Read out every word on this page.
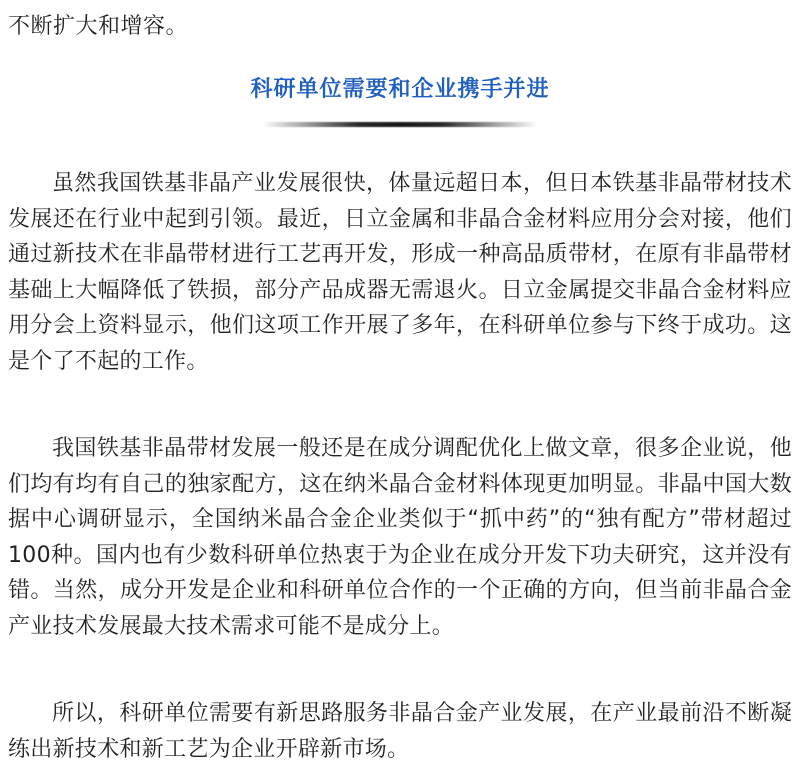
不断扩大和增容。
科研单位需要和企业携手并进

虽然我国铁基非晶产业发展很快，体量远超日本，但日本铁基非晶带材技术发展还在行业中起到引领。最近，日立金属和非晶合金材料应用分会对接，他们通过新技术在非晶带材进行工艺再开发，形成一种高品质带材，在原有非晶带材基础上大幅降低了铁损，部分产品成器无需退火。日立金属提交非晶合金材料应用分会上资料显示，他们这项工作开展了多年，在科研单位参与下终于成功。这是个了不起的工作。

我国铁基非晶带材发展一般还是在成分调配优化上做文章，很多企业说，他们均有均有自己的独家配方，这在纳米晶合金材料体现更加明显。非晶中国大数据中心调研显示，全国纳米晶合金企业类似于“抓中药”的“独有配方”带材超过100种。国内也有少数科研单位热衷于为企业在成分开发下功夫研究，这并没有错。当然，成分开发是企业和科研单位合作的一个正确的方向，但当前非晶合金产业技术发展最大技术需求可能不是成分上。

所以，科研单位需要有新思路服务非晶合金产业发展，在产业最前沿不断凝练出新技术和新工艺为企业开辟新市场。
